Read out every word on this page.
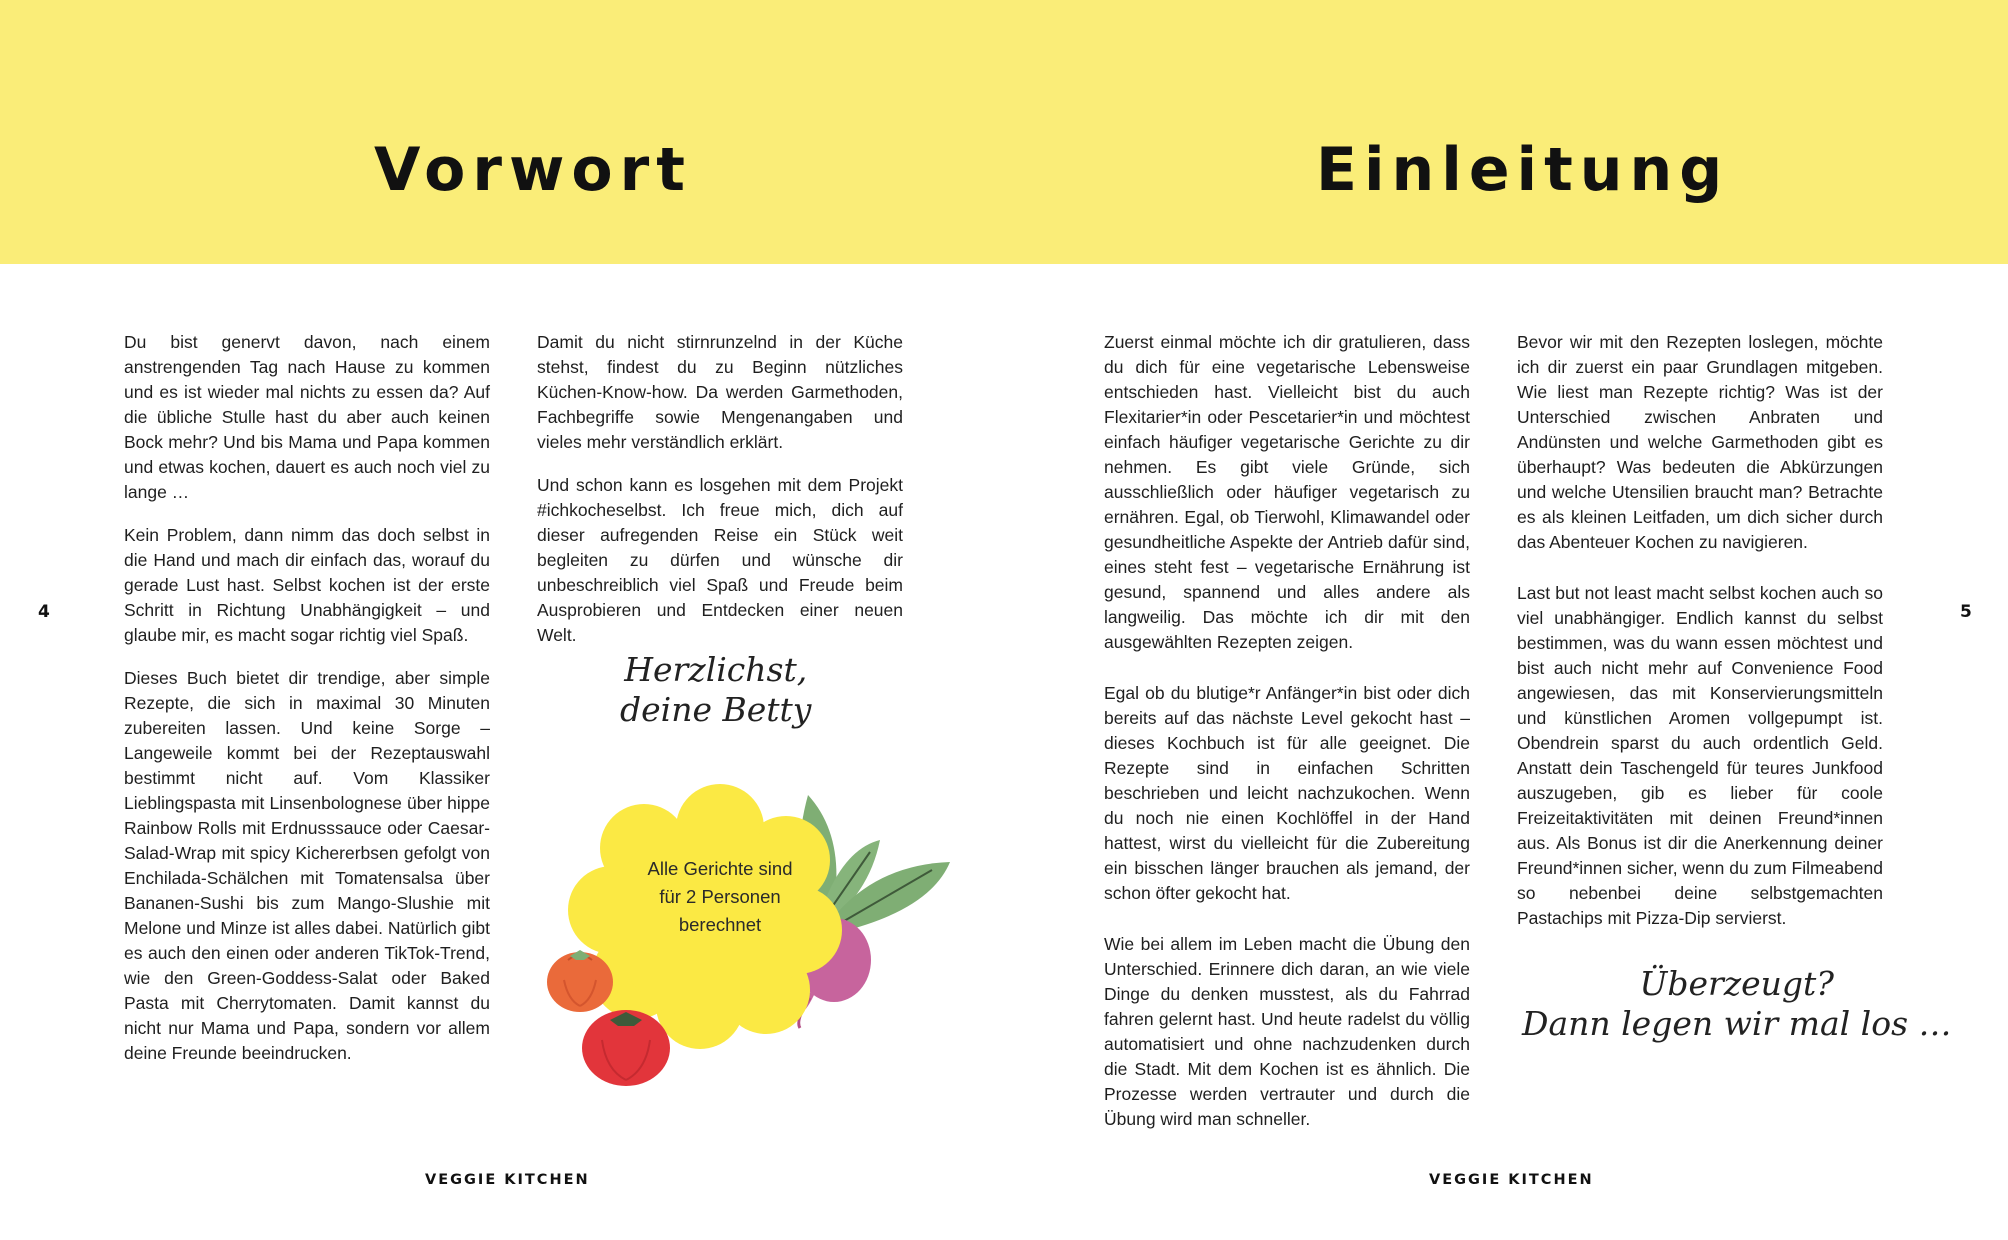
Vorwort

Du bist genervt davon, nach einem anstrengenden Tag nach Hause zu kommen und es ist wieder mal nichts zu essen da? Auf die übliche Stulle hast du aber auch keinen Bock mehr? Und bis Mama und Papa kommen und etwas kochen, dauert es auch noch viel zu lange …

Kein Problem, dann nimm das doch selbst in die Hand und mach dir einfach das, worauf du gerade Lust hast. Selbst kochen ist der erste Schritt in Richtung Unabhängigkeit – und glaube mir, es macht sogar richtig viel Spaß.

Dieses Buch bietet dir trendige, aber simple Rezepte, die sich in maximal 30 Minuten zubereiten lassen. Und keine Sorge – Langeweile kommt bei der Rezeptauswahl bestimmt nicht auf. Vom Klassiker Lieblingspasta mit Linsenbolognese über hippe Rainbow Rolls mit Erdnusssauce oder Caesar-Salad-Wrap mit spicy Kichererbsen gefolgt von Enchilada-Schälchen mit Tomatensalsa über Bananen-Sushi bis zum Mango-Slushie mit Melone und Minze ist alles dabei. Natürlich gibt es auch den einen oder anderen TikTok-Trend, wie den Green-Goddess-Salat oder Baked Pasta mit Cherrytomaten. Damit kannst du nicht nur Mama und Papa, sondern vor allem deine Freunde beeindrucken.

Damit du nicht stirnrunzelnd in der Küche stehst, findest du zu Beginn nützliches Küchen-Know-how. Da werden Garmethoden, Fachbegriffe sowie Mengenangaben und vieles mehr verständlich erklärt.

Und schon kann es losgehen mit dem Projekt #ichkocheselbst. Ich freue mich, dich auf dieser aufregenden Reise ein Stück weit begleiten zu dürfen und wünsche dir unbeschreiblich viel Spaß und Freude beim Ausprobieren und Entdecken einer neuen Welt.

Herzlichst,
deine Betty
Alle Gerichte sind
für 2 Personen
berechnet
4
VEGGIE KITCHEN
Einleitung

Zuerst einmal möchte ich dir gratulieren, dass du dich für eine vegetarische Lebensweise entschieden hast. Vielleicht bist du auch Flexitarier*in oder Pescetarier*in und möchtest einfach häufiger vegetarische Gerichte zu dir nehmen. Es gibt viele Gründe, sich ausschließlich oder häufiger vegetarisch zu ernähren. Egal, ob Tierwohl, Klimawandel oder gesundheitliche Aspekte der Antrieb dafür sind, eines steht fest – vegetarische Ernährung ist gesund, spannend und alles andere als langweilig. Das möchte ich dir mit den ausgewählten Rezepten zeigen.

Egal ob du blutige*r Anfänger*in bist oder dich bereits auf das nächste Level gekocht hast – dieses Kochbuch ist für alle geeignet. Die Rezepte sind in einfachen Schritten beschrieben und leicht nachzukochen. Wenn du noch nie einen Kochlöffel in der Hand hattest, wirst du vielleicht für die Zubereitung ein bisschen länger brauchen als jemand, der schon öfter gekocht hat.

Wie bei allem im Leben macht die Übung den Unterschied. Erinnere dich daran, an wie viele Dinge du denken musstest, als du Fahrrad fahren gelernt hast. Und heute radelst du völlig automatisiert und ohne nachzudenken durch die Stadt. Mit dem Kochen ist es ähnlich. Die Prozesse werden vertrauter und durch die Übung wird man schneller.

Bevor wir mit den Rezepten loslegen, möchte ich dir zuerst ein paar Grundlagen mitgeben. Wie liest man Rezepte richtig? Was ist der Unterschied zwischen Anbraten und Andünsten und welche Garmethoden gibt es überhaupt? Was bedeuten die Abkürzungen und welche Utensilien braucht man? Betrachte es als kleinen Leitfaden, um dich sicher durch das Abenteuer Kochen zu navigieren.

Last but not least macht selbst kochen auch so viel unabhängiger. Endlich kannst du selbst bestimmen, was du wann essen möchtest und bist auch nicht mehr auf Convenience Food angewiesen, das mit Konservierungsmitteln und künstlichen Aromen vollgepumpt ist. Obendrein sparst du auch ordentlich Geld. Anstatt dein Taschengeld für teures Junkfood auszugeben, gib es lieber für coole Freizeitaktivitäten mit deinen Freund*innen aus. Als Bonus ist dir die Anerkennung deiner Freund*innen sicher, wenn du zum Filmeabend so nebenbei deine selbstgemachten Pastachips mit Pizza-Dip servierst.

Überzeugt?
Dann legen wir mal los …
5
VEGGIE KITCHEN
